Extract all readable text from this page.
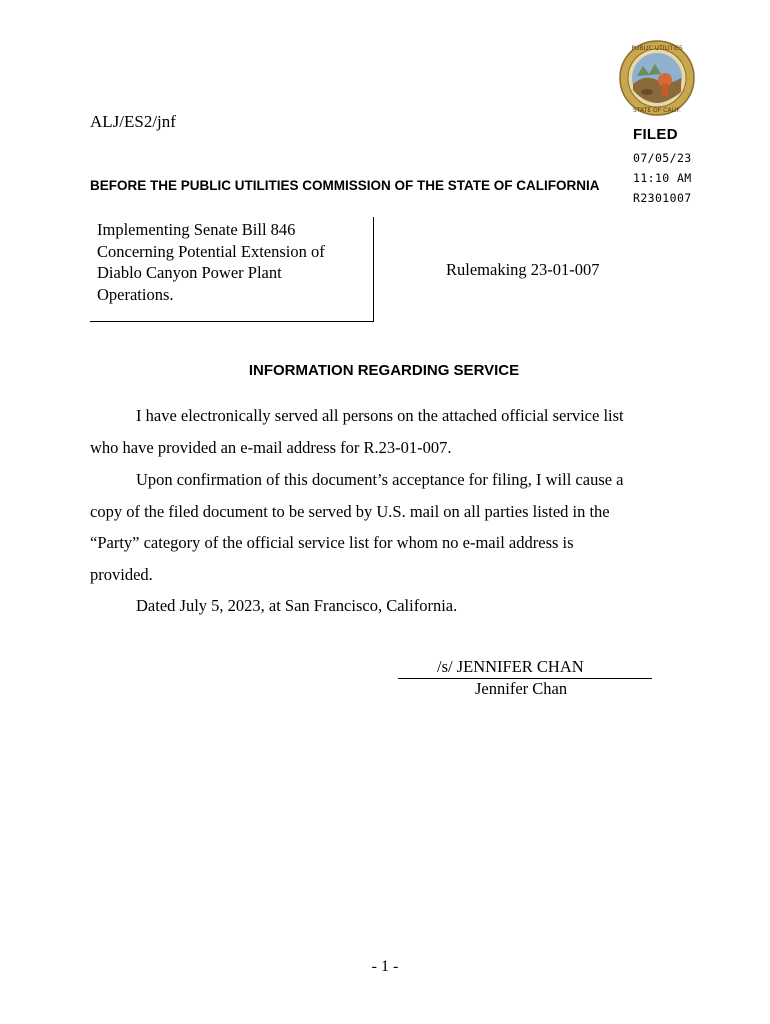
PUBLIC UTILITIES
STATE OF CALIF.
ALJ/ES2/jnf
FILED
07/05/23
11:10 AM
R2301007
BEFORE THE PUBLIC UTILITIES COMMISSION OF THE STATE OF CALIFORNIA
Implementing Senate Bill 846
Concerning Potential Extension of
Diablo Canyon Power Plant
Operations.
Rulemaking 23-01-007
INFORMATION REGARDING SERVICE
I have electronically served all persons on the attached official service list
who have provided an e-mail address for R.23-01-007.
Upon confirmation of this document’s acceptance for filing, I will cause a
copy of the filed document to be served by U.S. mail on all parties listed in the
“Party” category of the official service list for whom no e-mail address is
provided.
Dated July 5, 2023, at San Francisco, California.
/s/ JENNIFER CHAN
Jennifer Chan
- 1 -
